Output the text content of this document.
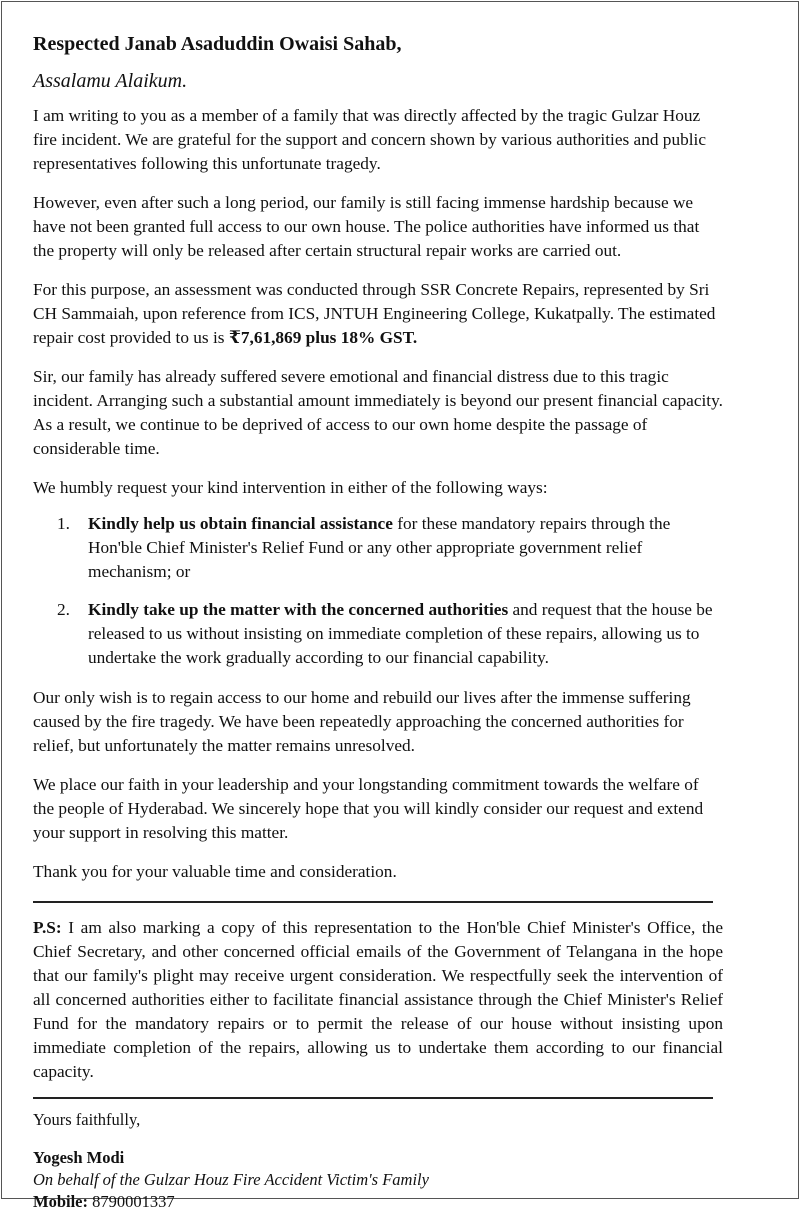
Respected Janab Asaduddin Owaisi Sahab,

Assalamu Alaikum.

I am writing to you as a member of a family that was directly affected by the tragic Gulzar Houz fire incident. We are grateful for the support and concern shown by various authorities and public representatives following this unfortunate tragedy.

However, even after such a long period, our family is still facing immense hardship because we have not been granted full access to our own house. The police authorities have informed us that the property will only be released after certain structural repair works are carried out.

For this purpose, an assessment was conducted through SSR Concrete Repairs, represented by Sri CH Sammaiah, upon reference from ICS, JNTUH Engineering College, Kukatpally. The estimated repair cost provided to us is ₹7,61,869 plus 18% GST.

Sir, our family has already suffered severe emotional and financial distress due to this tragic incident. Arranging such a substantial amount immediately is beyond our present financial capacity. As a result, we continue to be deprived of access to our own home despite the passage of considerable time.

We humbly request your kind intervention in either of the following ways:

1. Kindly help us obtain financial assistance for these mandatory repairs through the Hon'ble Chief Minister's Relief Fund or any other appropriate government relief mechanism; or
2. Kindly take up the matter with the concerned authorities and request that the house be released to us without insisting on immediate completion of these repairs, allowing us to undertake the work gradually according to our financial capability.

Our only wish is to regain access to our home and rebuild our lives after the immense suffering caused by the fire tragedy. We have been repeatedly approaching the concerned authorities for relief, but unfortunately the matter remains unresolved.

We place our faith in your leadership and your longstanding commitment towards the welfare of the people of Hyderabad. We sincerely hope that you will kindly consider our request and extend your support in resolving this matter.

Thank you for your valuable time and consideration.

P.S: I am also marking a copy of this representation to the Hon'ble Chief Minister's Office, the Chief Secretary, and other concerned official emails of the Government of Telangana in the hope that our family's plight may receive urgent consideration. We respectfully seek the intervention of all concerned authorities either to facilitate financial assistance through the Chief Minister's Relief Fund for the mandatory repairs or to permit the release of our house without insisting upon immediate completion of the repairs, allowing us to undertake them according to our financial capacity.

Yours faithfully,

Yogesh Modi

On behalf of the Gulzar Houz Fire Accident Victim's Family

Mobile: 8790001337
